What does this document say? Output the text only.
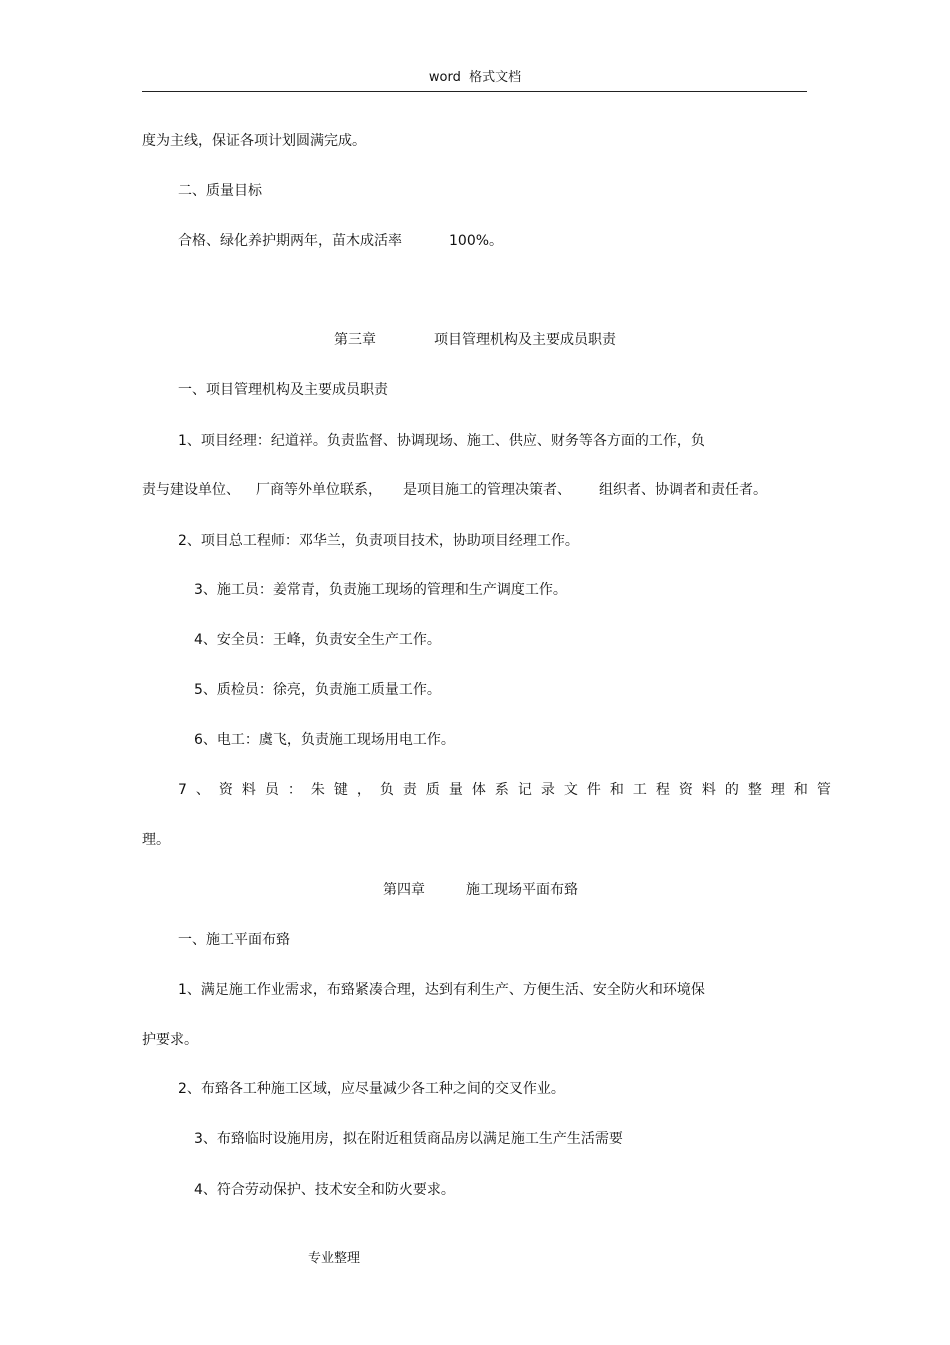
word  格式文档
度为主线，保证各项计划圆满完成。
二、质量目标
合格、绿化养护期两年，苗木成活率	100%。
第三章	项目管理机构及主要成员职责
一、项目管理机构及主要成员职责
1、项目经理：纪道祥。负责监督、协调现场、施工、供应、财务等各方面的工作，负
责与建设单位、 厂商等外单位联系， 是项目施工的管理决策者、 组织者、协调者和责任者。
2、项目总工程师：邓华兰，负责项目技术，协助项目经理工作。
3、施工员：姜常青，负责施工现场的管理和生产调度工作。
4、安全员：王峰，负责安全生产工作。
5、质检员：徐亮，负责施工质量工作。
6、电工：虞飞，负责施工现场用电工作。
7、资料员：朱键，负责质量体系记录文件和工程资料的整理和管
理。
第四章	施工现场平面布臵
一、施工平面布臵
1、满足施工作业需求，布臵紧凑合理，达到有利生产、方便生活、安全防火和环境保
护要求。
2、布臵各工种施工区域，应尽量减少各工种之间的交叉作业。
3、布臵临时设施用房，拟在附近租赁商品房以满足施工生产生活需要
4、符合劳动保护、技术安全和防火要求。
专业整理
